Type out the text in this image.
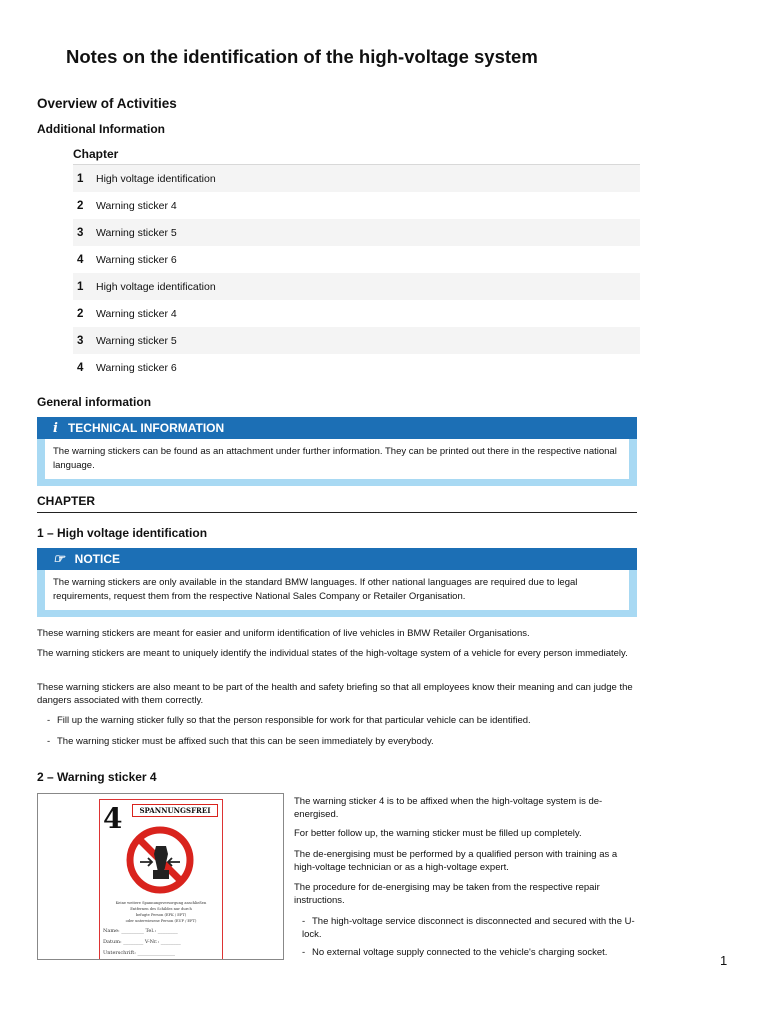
Notes on the identification of the high-voltage system
Overview of Activities
Additional Information
Chapter
1	High voltage identification
2	Warning sticker 4
3	Warning sticker 5
4	Warning sticker 6
1	High voltage identification
2	Warning sticker 4
3	Warning sticker 5
4	Warning sticker 6
General information
i TECHNICAL INFORMATION
The warning stickers can be found as an attachment under further information. They can be printed out there in the respective national language.
CHAPTER
1 – High voltage identification
☞ NOTICE
The warning stickers are only available in the standard BMW languages. If other national languages are required due to legal requirements, request them from the respective National Sales Company or Retailer Organisation.
These warning stickers are meant for easier and uniform identification of live vehicles in BMW Retailer Organisations.
The warning stickers are meant to uniquely identify the individual states of the high-voltage system of a vehicle for every person immediately.
These warning stickers are also meant to be part of the health and safety briefing so that all employees know their meaning and can judge the dangers associated with them correctly.
- Fill up the warning sticker fully so that the person responsible for work for that particular vehicle can be identified.
- The warning sticker must be affixed such that this can be seen immediately by everybody.
2 – Warning sticker 4
4	SPANNUNGSFREI
Keine weitere Spannungsversorgung anschließen
Entfernen des Schildes nur durch
befugte Person (EFK / EFT)
oder unterwiesene Person (EUP / EFT)
Name: _________ Tel.: ________
Datum: ________ V-Nr.: ________
Unterschrift: _______________
The warning sticker 4 is to be affixed when the high-voltage system is de-energised.
For better follow up, the warning sticker must be filled up completely.
The de-energising must be performed by a qualified person with training as a high-voltage technician or as a high-voltage expert.
The procedure for de-energising may be taken from the respective repair instructions.
- The high-voltage service disconnect is disconnected and secured with the U-lock.
- No external voltage supply connected to the vehicle's charging socket.
1
